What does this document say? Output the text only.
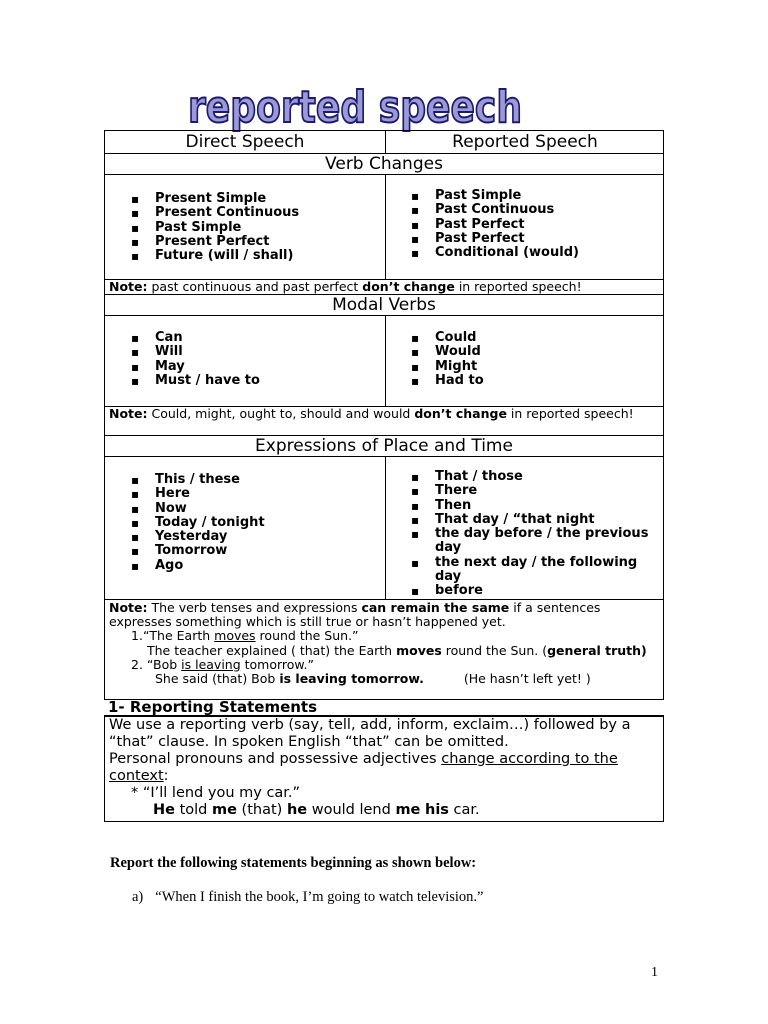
reported speech
Direct Speech	Reported Speech
Verb Changes
▪ Present Simple
▪ Present Continuous
▪ Past Simple
▪ Present Perfect
▪ Future (will / shall)
▪ Past Simple
▪ Past Continuous
▪ Past Perfect
▪ Past Perfect
▪ Conditional (would)
Note: past continuous and past perfect don’t change in reported speech!
Modal Verbs
▪ Can
▪ Will
▪ May
▪ Must / have to
▪ Could
▪ Would
▪ Might
▪ Had to
Note: Could, might, ought to, should and would don’t change in reported speech!
Expressions of Place and Time
▪ This / these
▪ Here
▪ Now
▪ Today / tonight
▪ Yesterday
▪ Tomorrow
▪ Ago
▪ That / those
▪ There
▪ Then
▪ That day / “that night
▪ the day before / the previous day
▪ the next day / the following day
▪ before
Note: The verb tenses and expressions can remain the same if a sentences expresses something which is still true or hasn’t happened yet.
1.“The Earth moves round the Sun.”
The teacher explained ( that) the Earth moves round the Sun. (general truth)
2. “Bob is leaving tomorrow.”
She said (that) Bob is leaving tomorrow.	(He hasn’t left yet! )
1- Reporting Statements
We use a reporting verb (say, tell, add, inform, exclaim…) followed by a “that” clause. In spoken English “that” can be omitted.
Personal pronouns and possessive adjectives change according to the context:
* “I’ll lend you my car.”
He told me (that) he would lend me his car.
Report the following statements beginning as shown below:
a) “When I finish the book, I’m going to watch television.”
1
